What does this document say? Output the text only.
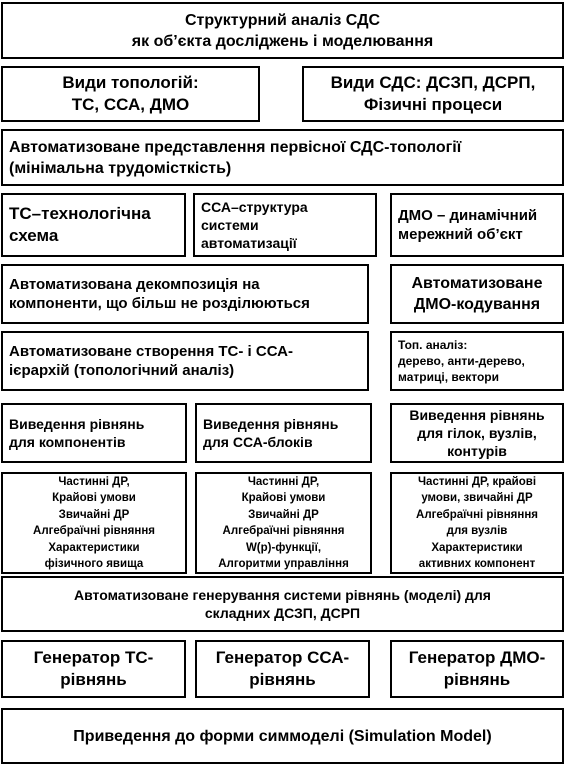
Структурний аналіз СДС
як об’єкта досліджень і моделювання
Види топологій:
ТС, ССА, ДМО
Види СДС: ДСЗП, ДСРП,
Фізичні процеси
Автоматизоване представлення первісної СДС-топології
(мінімальна трудомісткість)
ТС–технологічна
схема
ССА–структура
системи
автоматизації
ДМО – динамічний
мережний об’єкт
Автоматизована декомпозиція на
компоненти, що більш не розділюються
Автоматизоване
ДМО-кодування
Автоматизоване створення ТС- і ССА-
ієрархій (топологічний аналіз)
Топ. аналіз:
дерево, анти-дерево,
матриці, вектори
Виведення рівнянь
для компонентів
Виведення рівнянь
для ССА-блоків
Виведення рівнянь
для гілок, вузлів,
контурів
Частинні ДР,
Крайові умови
Звичайні ДР
Алгебраїчні рівняння
Характеристики
фізичного явища
Частинні ДР,
Крайові умови
Звичайні ДР
Алгебраїчні рівняння
W(p)-функції,
Алгоритми управління
Частинні ДР, крайові
умови, звичайні ДР
Алгебраїчні рівняння
для вузлів
Характеристики
активних компонент
Автоматизоване генерування системи рівнянь (моделі) для
складних ДСЗП, ДСРП
Генератор ТС-
рівнянь
Генератор ССА-
рівнянь
Генератор ДМО-
рівнянь
Приведення до форми симмоделі (Simulation Model)
